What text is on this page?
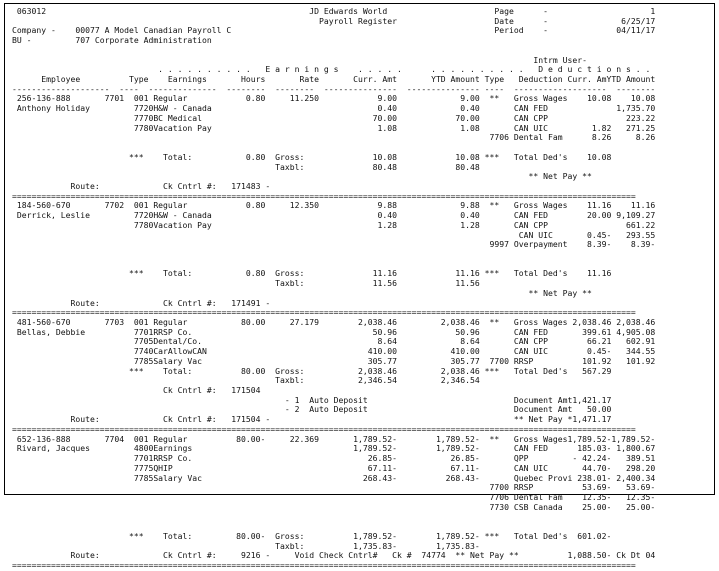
063012                                                      JD Edwards World                      Page      -                     1
Payroll Register                    Date      -               6/25/17
Company -    00077 A Model Canadian Payroll C                                                      Period    -              04/11/17
BU -         707 Corporate Administration

Intrm User-
. . . . . . . . . .   E a r n i n g s    . . . . .      . . . . . . . . . .   D e d u c t i o n s . .
Employee          Type    Earnings       Hours       Rate       Curr. Amt       YTD Amount Type   Deduction Curr. AmYTD Amount
--------------------  ----  --------------  --------  --------  ---------------  --------------- ----  -------------------  --------
256-136-888       7701  001 Regular            0.80     11.250            9.00             9.00  **   Gross Wages    10.08    10.08
Anthony Holiday         7720H&W - Canada                                  0.40             0.40       CAN FED              1,735.70
7770BC Medical                                   70.00            70.00       CAN CPP                223.22
7780Vacation Pay                                  1.08             1.08       CAN UIC         1.82   271.25
7706 Dental Fam      8.26     8.26

***    Total:           0.80  Gross:              10.08            10.08 ***   Total Ded's    10.08
Taxbl:              80.48            80.48
** Net Pay **
Route:             Ck Cntrl #:   171483 -
================================================================================================================================
184-560-670       7702  001 Regular            0.80     12.350            9.88             9.88  **   Gross Wages    11.16    11.16
Derrick, Leslie         7720H&W - Canada                                  0.40             0.40       CAN FED        20.00 9,109.27
7780Vacation Pay                                  1.28             1.28       CAN CPP                661.22
CAN UIC       0.45-   293.55
9997 Overpayment    8.39-    8.39-

***    Total:           0.80  Gross:              11.16            11.16 ***   Total Ded's    11.16
Taxbl:              11.56            11.56
** Net Pay **
Route:             Ck Cntrl #:   171491 -
================================================================================================================================
481-560-670       7703  001 Regular           80.00     27.179        2,038.46         2,038.46  **   Gross Wages 2,038.46 2,038.46
Bellas, Debbie          7701RRSP Co.                                     50.96            50.96       CAN FED       399.61 4,905.08
7705Dental/Co.                                    8.64             8.64       CAN CPP        66.21   602.91
7740CarAllowCAN                                 410.00           410.00       CAN UIC        0.45-   344.55
7785Salary Vac                                  305.77           305.77  7700 RRSP          101.92   101.92
***    Total:          80.00  Gross:           2,038.46         2,038.46 ***   Total Ded's   567.29
Taxbl:           2,346.54         2,346.54
Ck Cntrl #:   171504
- 1  Auto Deposit                              Document Amt1,421.17
- 2  Auto Deposit                              Document Amt   50.00
Route:             Ck Cntrl #:   171504 -                                                  ** Net Pay *1,471.17
================================================================================================================================
652-136-888       7704  001 Regular          80.00-     22.369       1,789.52-        1,789.52-  **   Gross Wages1,789.52-1,789.52-
Rivard, Jacques         4800Earnings                                 1,789.52-        1,789.52-       CAN FED      185.03- 1,800.67
7701RRSP Co.                                    26.85-           26.85-       QPP         - 42.24-   389.51
7775QHIP                                        67.11-           67.11-       CAN UIC       44.70-   298.20
7785Salary Vac                                 268.43-          268.43-       Quebec Provi 238.01- 2,400.34
7700 RRSP          53.69-   53.69-
7706 Dental Fam    12.35-   12.35-
7730 CSB Canada    25.00-   25.00-

***    Total:         80.00-  Gross:          1,789.52-        1,789.52- ***   Total Ded's  601.02-
Taxbl:          1,735.83-        1,735.83-
Route:             Ck Cntrl #:     9216 -     Void Check Cntrl#   Ck #  74774  ** Net Pay **          1,088.50- Ck Dt 04
================================================================================================================================
